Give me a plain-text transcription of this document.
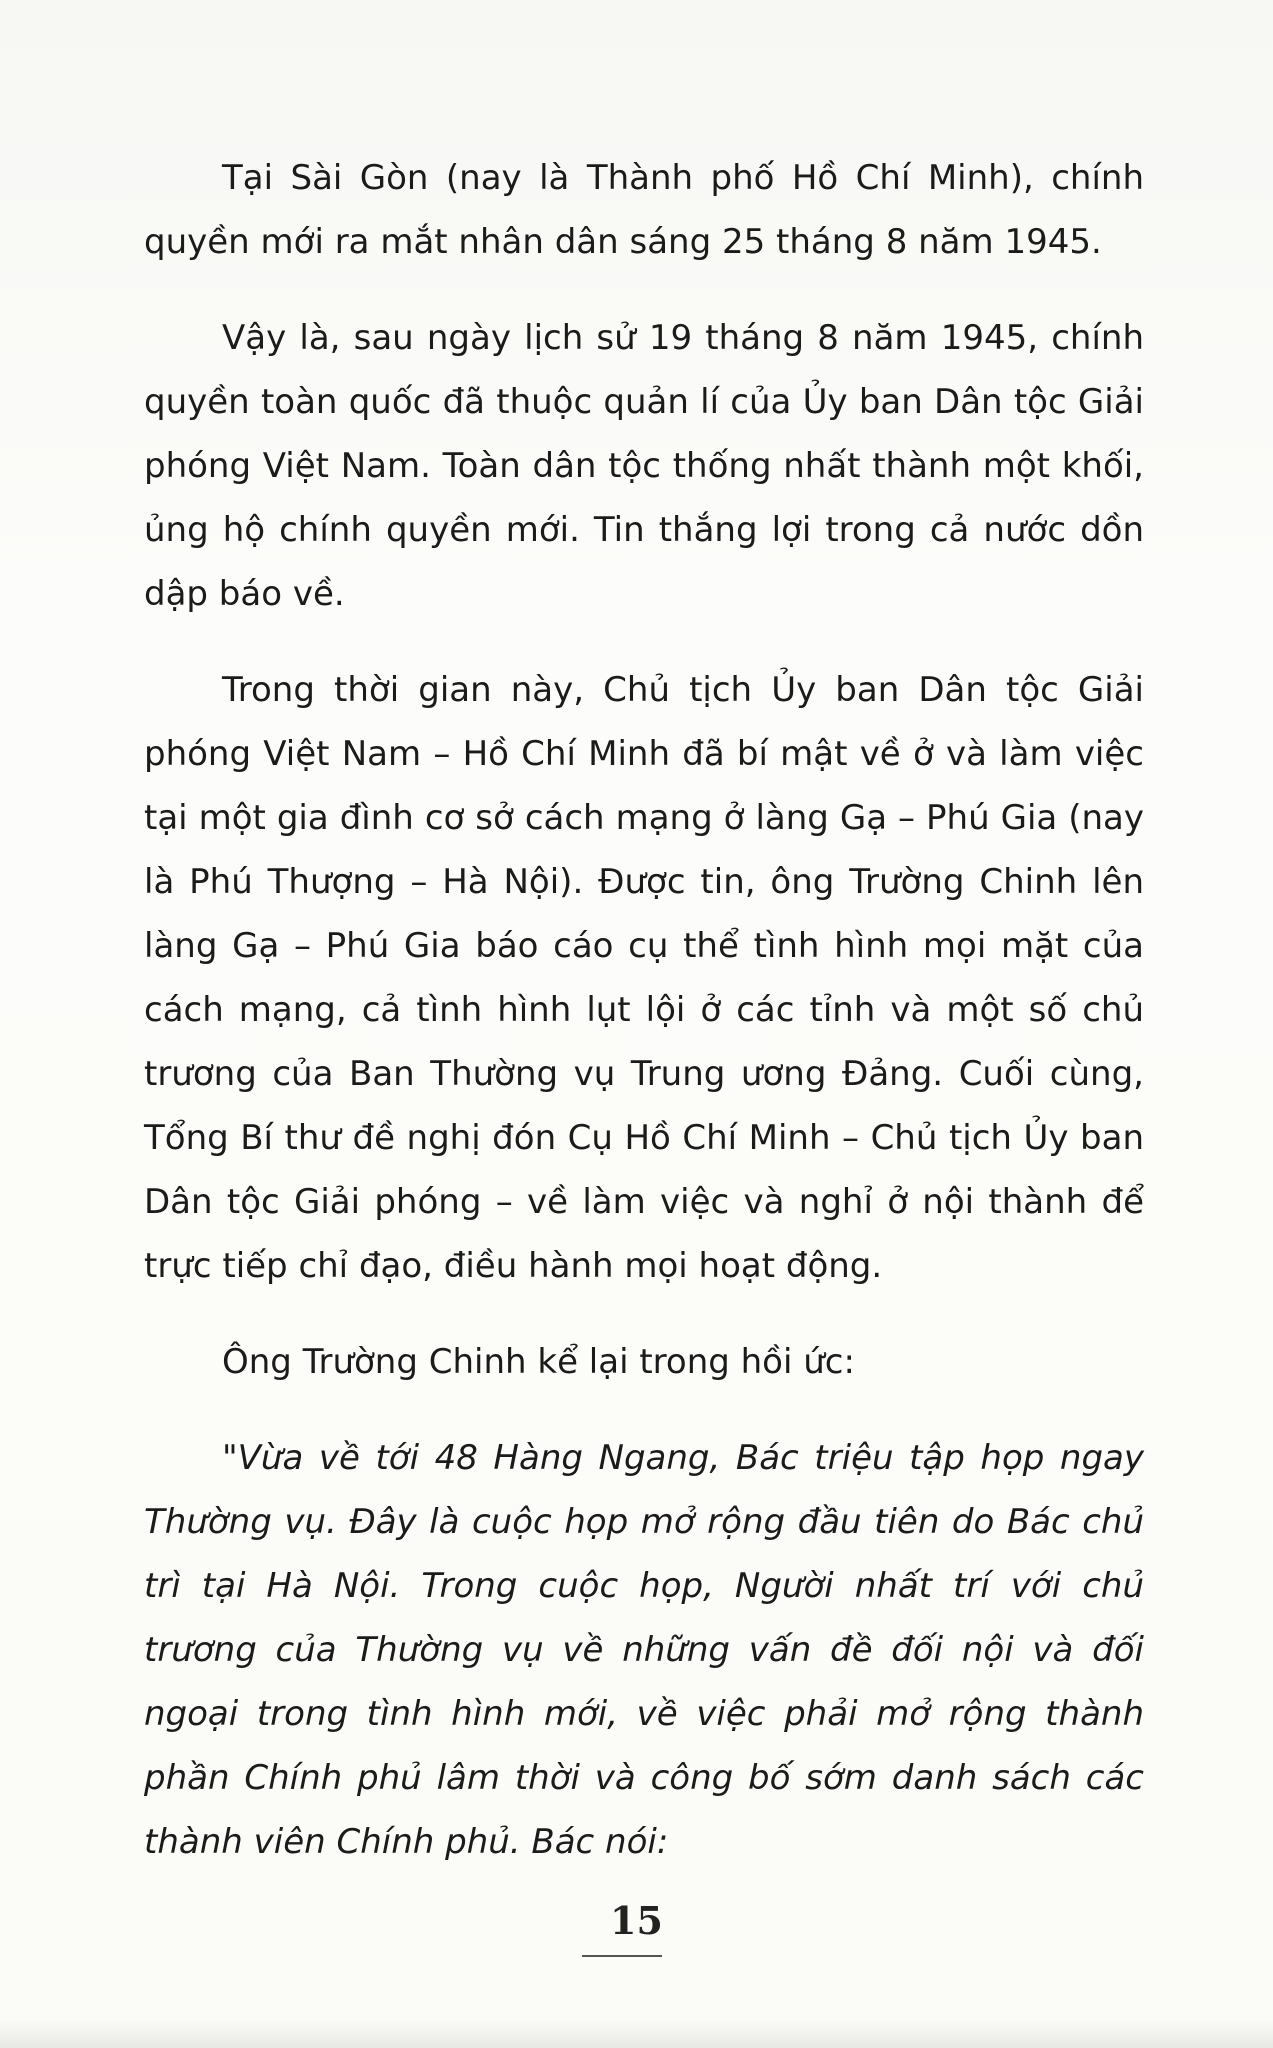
Tại Sài Gòn (nay là Thành phố Hồ Chí Minh), chính quyền mới ra mắt nhân dân sáng 25 tháng 8 năm 1945.

Vậy là, sau ngày lịch sử 19 tháng 8 năm 1945, chính quyền toàn quốc đã thuộc quản lí của Ủy ban Dân tộc Giải phóng Việt Nam. Toàn dân tộc thống nhất thành một khối, ủng hộ chính quyền mới. Tin thắng lợi trong cả nước dồn dập báo về.

Trong thời gian này, Chủ tịch Ủy ban Dân tộc Giải phóng Việt Nam – Hồ Chí Minh đã bí mật về ở và làm việc tại một gia đình cơ sở cách mạng ở làng Gạ – Phú Gia (nay là Phú Thượng – Hà Nội). Được tin, ông Trường Chinh lên làng Gạ – Phú Gia báo cáo cụ thể tình hình mọi mặt của cách mạng, cả tình hình lụt lội ở các tỉnh và một số chủ trương của Ban Thường vụ Trung ương Đảng. Cuối cùng, Tổng Bí thư đề nghị đón Cụ Hồ Chí Minh – Chủ tịch Ủy ban Dân tộc Giải phóng – về làm việc và nghỉ ở nội thành để trực tiếp chỉ đạo, điều hành mọi hoạt động.

Ông Trường Chinh kể lại trong hồi ức:

"Vừa về tới 48 Hàng Ngang, Bác triệu tập họp ngay Thường vụ. Đây là cuộc họp mở rộng đầu tiên do Bác chủ trì tại Hà Nội. Trong cuộc họp, Người nhất trí với chủ trương của Thường vụ về những vấn đề đối nội và đối ngoại trong tình hình mới, về việc phải mở rộng thành phần Chính phủ lâm thời và công bố sớm danh sách các thành viên Chính phủ. Bác nói:

15
